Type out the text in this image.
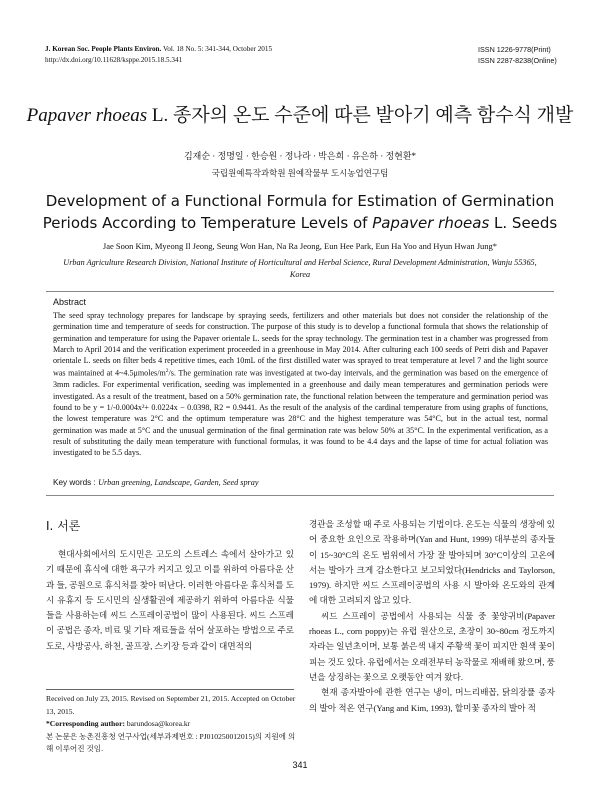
J. Korean Soc. People Plants Environ. Vol. 18 No. 5: 341-344, October 2015
http://dx.doi.org/10.11628/ksppe.2015.18.5.341
ISSN 1226-9778(Print)
ISSN 2287-8238(Online)
Papaver rhoeas L. 종자의 온도 수준에 따른 발아기 예측 함수식 개발
김재순 · 정명일 · 한승원 · 정나라 · 박은희 · 유은하 · 정현환*
국립원예특작과학원 원예작물부 도시농업연구팀
Development of a Functional Formula for Estimation of Germination
Periods According to Temperature Levels of Papaver rhoeas L. Seeds
Jae Soon Kim, Myeong Il Jeong, Seung Won Han, Na Ra Jeong, Eun Hee Park, Eun Ha Yoo and Hyun Hwan Jung*
Urban Agriculture Research Division, National Institute of Horticultural and Herbal Science, Rural Development Administration, Wanju 55365, Korea
Abstract
The seed spray technology prepares for landscape by spraying seeds, fertilizers and other materials but does not consider the relationship of the germination time and temperature of seeds for construction. The purpose of this study is to develop a functional formula that shows the relationship of germination and temperature for using the Papaver orientale L. seeds for the spray technology. The germination test in a chamber was progressed from March to April 2014 and the verification experiment proceeded in a greenhouse in May 2014. After culturing each 100 seeds of Petri dish and Papaver orientale L. seeds on filter beds 4 repetitive times, each 10mL of the first distilled water was sprayed to treat temperature at level 7 and the light source was maintained at $4\sim 4.5\mu moles/m^2/s$. The germination rate was investigated at two-day intervals, and the germination was based on the emergence of 3mm radicles. For experimental verification, seeding was implemented in a greenhouse and daily mean temperatures and germination periods were investigated. As a result of the treatment, based on a 50% germination rate, the functional relation between the temperature and germination period was found to be y = 1/-0.0004x²+ 0.0224x − 0.0398, R2 = 0.9441. As the result of the analysis of the cardinal temperature from using graphs of functions, the lowest temperature was 2°C and the optimum temperature was 28°C and the highest temperature was 54°C, but in the actual test, normal germination was made at 5°C and the unusual germination of the final germination rate was below 50% at 35°C. In the experimental verification, as a result of substituting the daily mean temperature with functional formulas, it was found to be 4.4 days and the lapse of time for actual foliation was investigated to be 5.5 days.
Key words : Urban greening, Landscape, Garden, Seed spray
Ⅰ. 서론
현대사회에서의 도시민은 고도의 스트레스 속에서 살아가고 있기 때문에 휴식에 대한 욕구가 커지고 있고 이를 위하여 아름다운 산과 들, 공원으로 휴식처를 찾아 떠난다. 이러한 아름다운 휴식처를 도시 유휴지 등 도시민의 실생활권에 제공하기 위하여 아름다운 식물들을 사용하는데 씨드 스프레이공법이 많이 사용된다. 씨드 스프레이 공법은 종자, 비료 및 기타 재료들을 섞어 살포하는 방법으로 주로 도로, 사방공사, 하천, 골프장, 스키장 등과 같이 대면적의

경관을 조성할 때 주로 사용되는 기법이다. 온도는 식물의 생장에 있어 중요한 요인으로 작용하며(Yan and Hunt, 1999) 대부분의 종자들이 15~30°C의 온도 범위에서 가장 잘 발아되며 30°C이상의 고온에서는 발아가 크게 감소한다고 보고되었다(Hendricks and Taylorson, 1979). 하지만 씨드 스프레이공법의 사용 시 발아와 온도와의 관계에 대한 고려되지 않고 있다.

씨드 스프레이 공법에서 사용되는 식물 중 꽃양귀비(Papaver rhoeas L., corn poppy)는 유럽 원산으로, 초장이 30~80cm 정도까지 자라는 일년초이며, 보통 붉은색 내지 주황색 꽃이 피지만 흰색 꽃이 피는 것도 있다. 유럽에서는 오래전부터 농작물로 재배해 왔으며, 풍년을 상징하는 꽃으로 오랫동안 여겨 왔다.

현재 종자발아에 관한 연구는 냉이, 머느리배꼽, 닭의장풀 종자의 발아 적온 연구(Yang and Kim, 1993), 할미꽃 종자의 발아 적

Received on July 23, 2015. Revised on September 21, 2015. Accepted on October 13, 2015.
*Corresponding author: barundosa@korea.kr
본 논문은 농촌진흥청 연구사업(세부과제번호 : PJ010250012015)의 지원에 의해 이루어진 것임.
341
